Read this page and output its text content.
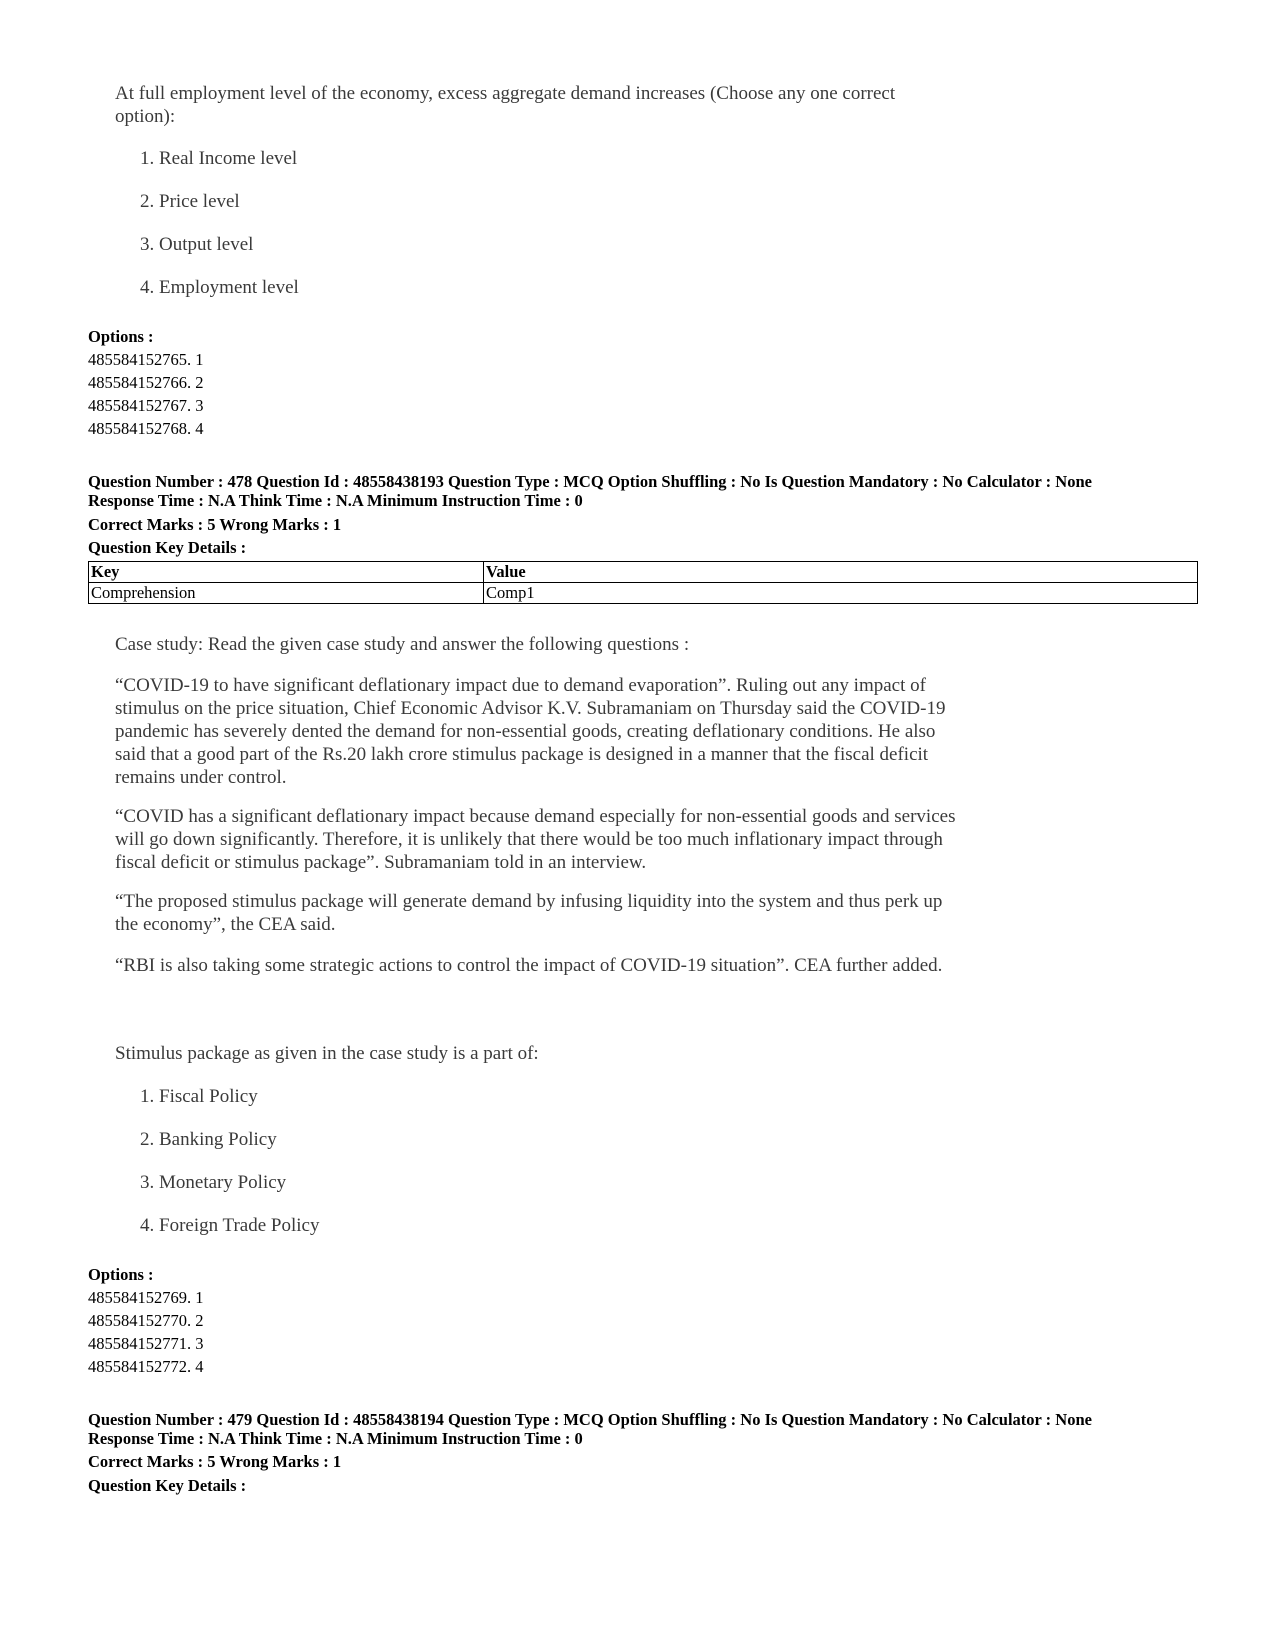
At full employment level of the economy, excess aggregate demand increases (Choose any one correct
option):
1. Real Income level
2. Price level
3. Output level
4. Employment level
Options :
485584152765. 1
485584152766. 2
485584152767. 3
485584152768. 4
Question Number : 478 Question Id : 48558438193 Question Type : MCQ Option Shuffling : No Is Question Mandatory : No Calculator : None
Response Time : N.A Think Time : N.A Minimum Instruction Time : 0
Correct Marks : 5 Wrong Marks : 1
Question Key Details :
Key	Value
Comprehension	Comp1
Case study: Read the given case study and answer the following questions :
“COVID-19 to have significant deflationary impact due to demand evaporation”. Ruling out any impact of
stimulus on the price situation, Chief Economic Advisor K.V. Subramaniam on Thursday said the COVID-19
pandemic has severely dented the demand for non-essential goods, creating deflationary conditions. He also
said that a good part of the Rs.20 lakh crore stimulus package is designed in a manner that the fiscal deficit
remains under control.
“COVID has a significant deflationary impact because demand especially for non-essential goods and services
will go down significantly. Therefore, it is unlikely that there would be too much inflationary impact through
fiscal deficit or stimulus package”. Subramaniam told in an interview.
“The proposed stimulus package will generate demand by infusing liquidity into the system and thus perk up
the economy”, the CEA said.
“RBI is also taking some strategic actions to control the impact of COVID-19 situation”. CEA further added.
Stimulus package as given in the case study is a part of:
1. Fiscal Policy
2. Banking Policy
3. Monetary Policy
4. Foreign Trade Policy
Options :
485584152769. 1
485584152770. 2
485584152771. 3
485584152772. 4
Question Number : 479 Question Id : 48558438194 Question Type : MCQ Option Shuffling : No Is Question Mandatory : No Calculator : None
Response Time : N.A Think Time : N.A Minimum Instruction Time : 0
Correct Marks : 5 Wrong Marks : 1
Question Key Details :
